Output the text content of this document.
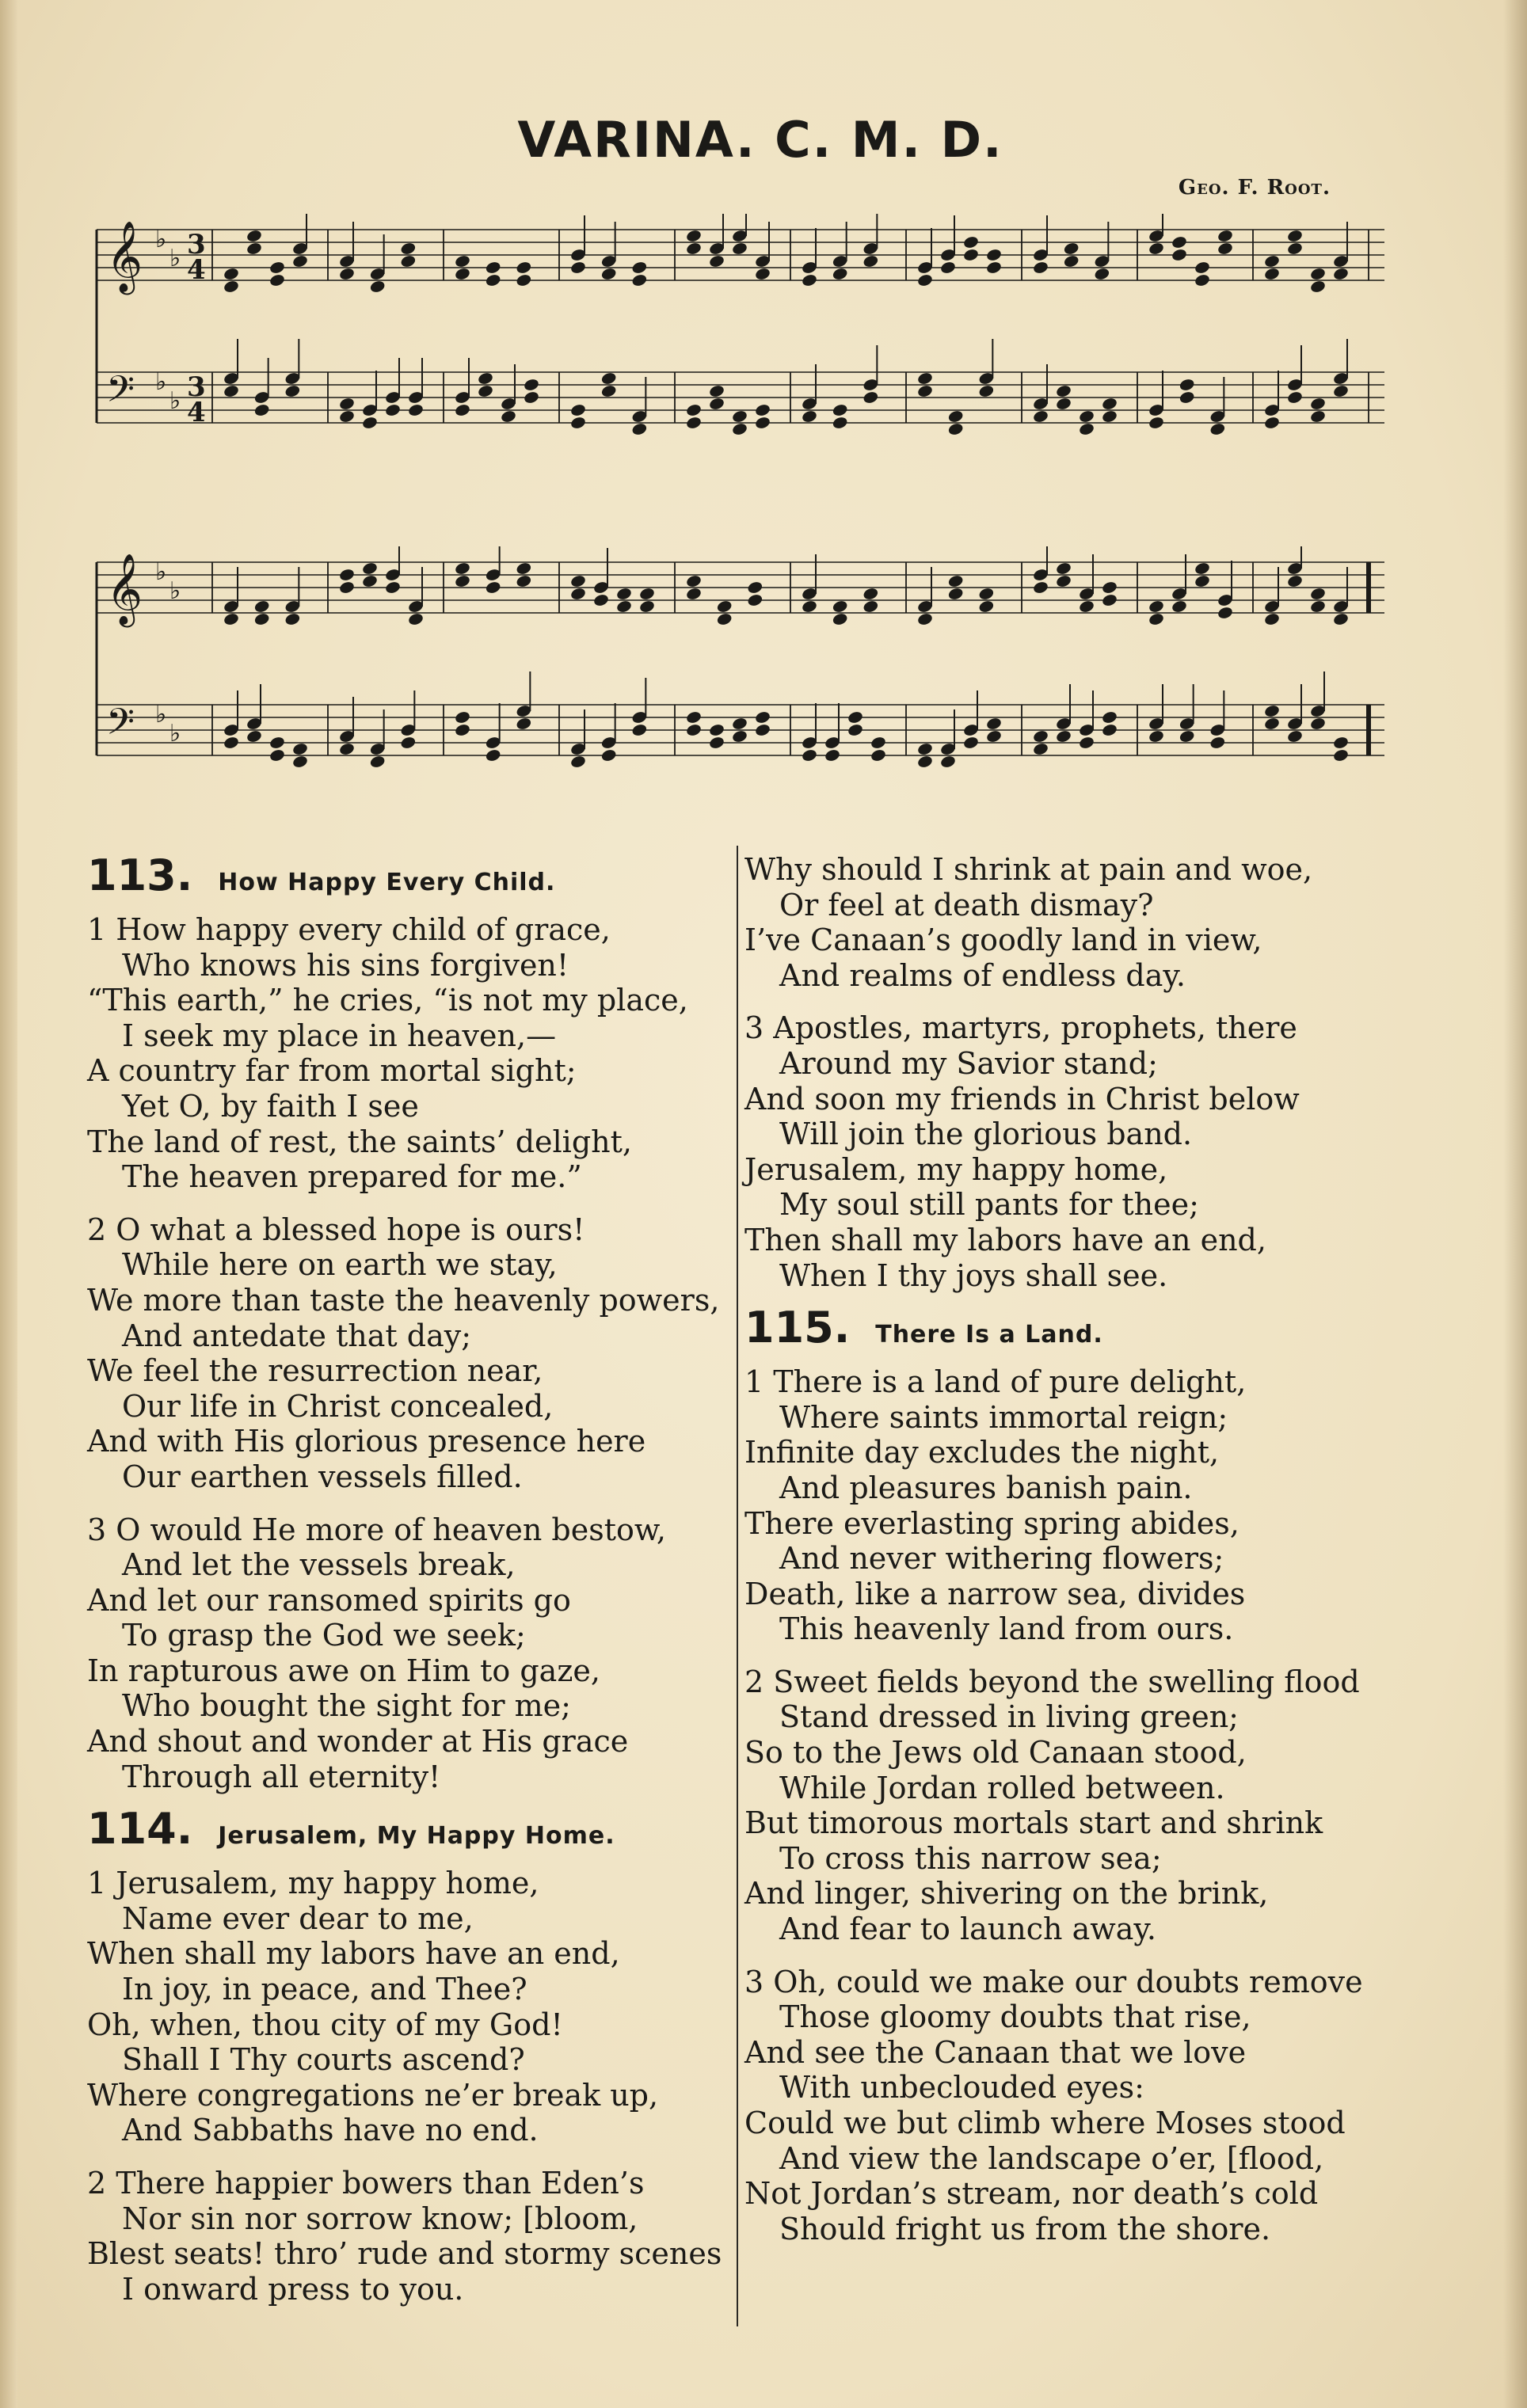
VARINA. C. M. D.
Geo. F. Root.
𝄞 ♭
♭ 3
4
𝄢 ♭
♭ 3
4
𝄞 ♭
♭
𝄢 ♭
♭
113. How Happy Every Child.
1 How happy every child of grace,
Who knows his sins forgiven!
“This earth,” he cries, “is not my place,
I seek my place in heaven,—
A country far from mortal sight;
Yet O, by faith I see
The land of rest, the saints’ delight,
The heaven prepared for me.”
2 O what a blessed hope is ours!
While here on earth we stay,
We more than taste the heavenly powers,
And antedate that day;
We feel the resurrection near,
Our life in Christ concealed,
And with His glorious presence here
Our earthen vessels filled.
3 O would He more of heaven bestow,
And let the vessels break,
And let our ransomed spirits go
To grasp the God we seek;
In rapturous awe on Him to gaze,
Who bought the sight for me;
And shout and wonder at His grace
Through all eternity!
114. Jerusalem, My Happy Home.
1 Jerusalem, my happy home,
Name ever dear to me,
When shall my labors have an end,
In joy, in peace, and Thee?
Oh, when, thou city of my God!
Shall I Thy courts ascend?
Where congregations ne’er break up,
And Sabbaths have no end.
2 There happier bowers than Eden’s
Nor sin nor sorrow know; [bloom,
Blest seats! thro’ rude and stormy scenes
I onward press to you.
Why should I shrink at pain and woe,
Or feel at death dismay?
I’ve Canaan’s goodly land in view,
And realms of endless day.
3 Apostles, martyrs, prophets, there
Around my Savior stand;
And soon my friends in Christ below
Will join the glorious band.
Jerusalem, my happy home,
My soul still pants for thee;
Then shall my labors have an end,
When I thy joys shall see.
115. There Is a Land.
1 There is a land of pure delight,
Where saints immortal reign;
Infinite day excludes the night,
And pleasures banish pain.
There everlasting spring abides,
And never withering flowers;
Death, like a narrow sea, divides
This heavenly land from ours.
2 Sweet fields beyond the swelling flood
Stand dressed in living green;
So to the Jews old Canaan stood,
While Jordan rolled between.
But timorous mortals start and shrink
To cross this narrow sea;
And linger, shivering on the brink,
And fear to launch away.
3 Oh, could we make our doubts remove
Those gloomy doubts that rise,
And see the Canaan that we love
With unbeclouded eyes:
Could we but climb where Moses stood
And view the landscape o’er, [flood,
Not Jordan’s stream, nor death’s cold
Should fright us from the shore.
